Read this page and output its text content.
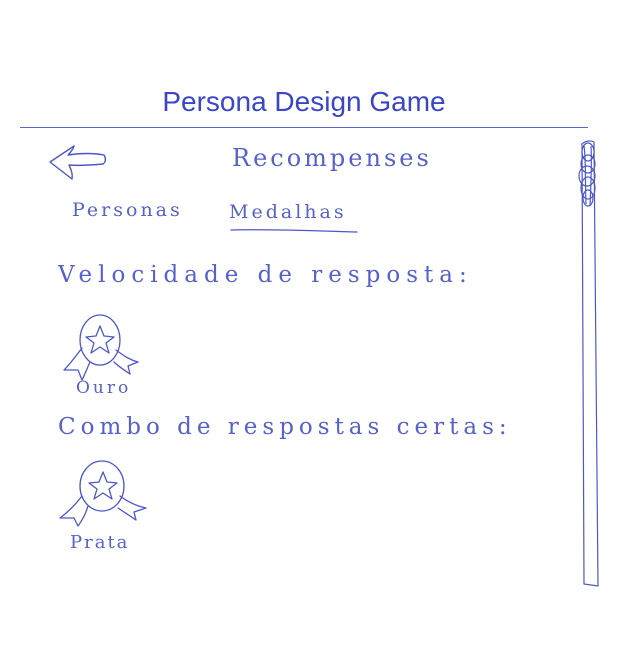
Persona Design Game
Recompenses
Personas Medalhas
Velocidade de resposta:
Ouro
Combo de respostas certas:
Prata
